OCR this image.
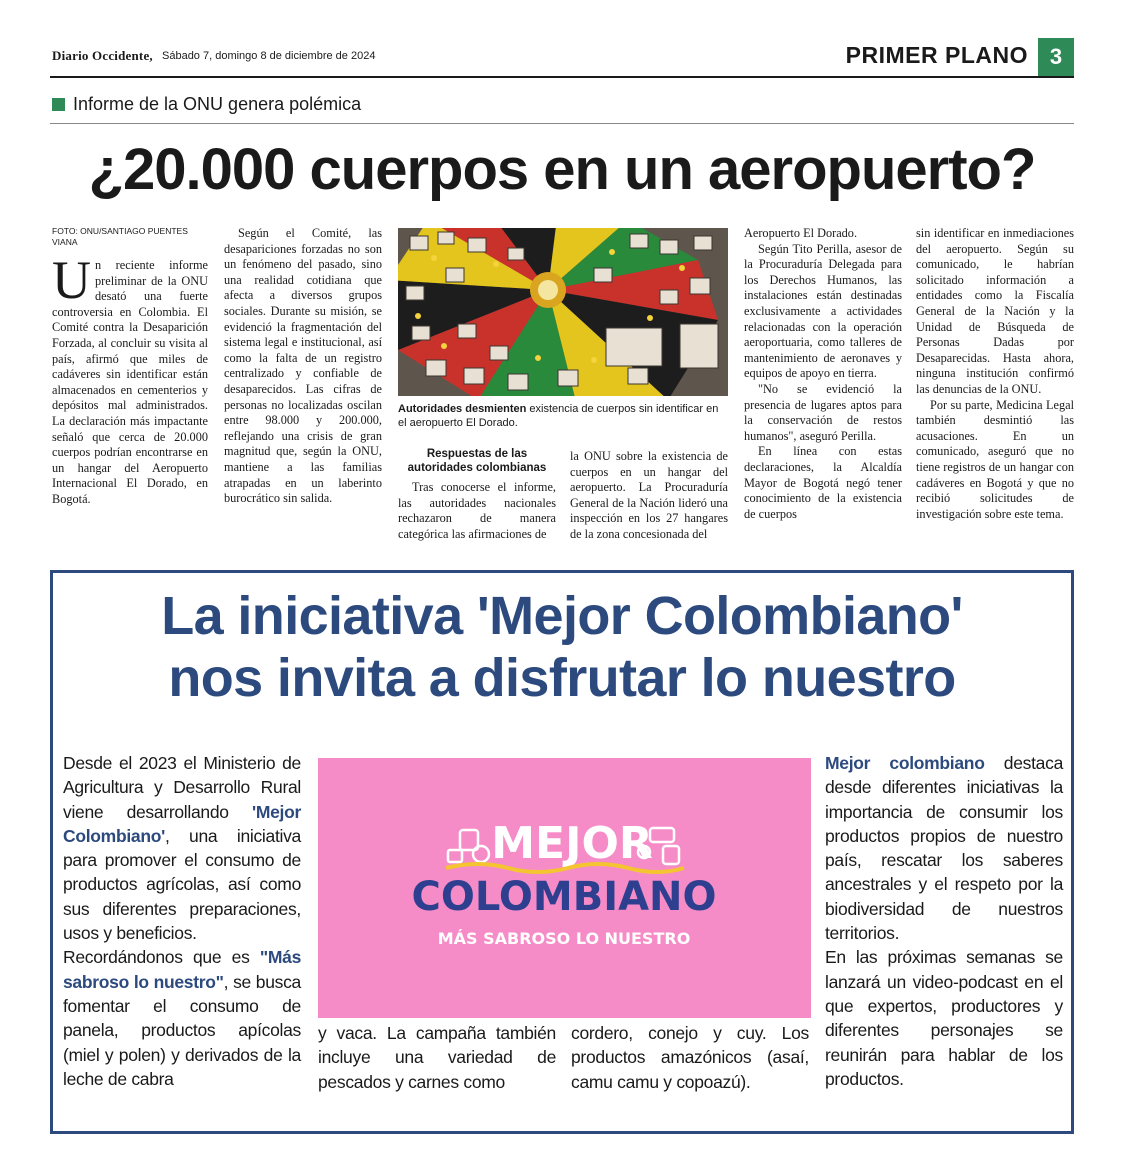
Diario Occidente, Sábado 7, domingo 8 de diciembre de 2024	PRIMER PLANO 3
Informe de la ONU genera polémica
¿20.000 cuerpos en un aeropuerto?
FOTO: ONU/SANTIAGO PUENTES VIANA

Un reciente informe preliminar de la ONU desató una fuerte controversia en Colombia. El Comité contra la Desaparición Forzada, al concluir su visita al país, afirmó que miles de cadáveres sin identificar están almacenados en cementerios y depósitos mal administrados. La declaración más impactante señaló que cerca de 20.000 cuerpos podrían encontrarse en un hangar del Aeropuerto Internacional El Dorado, en Bogotá.

Según el Comité, las desapariciones forzadas no son un fenómeno del pasado, sino una realidad cotidiana que afecta a diversos grupos sociales. Durante su misión, se evidenció la fragmentación del sistema legal e institucional, así como la falta de un registro centralizado y confiable de desaparecidos. Las cifras de personas no localizadas oscilan entre 98.000 y 200.000, reflejando una crisis de gran magnitud que, según la ONU, mantiene a las familias atrapadas en un laberinto burocrático sin salida.

Autoridades desmienten existencia de cuerpos sin identificar en el aeropuerto El Dorado.
Respuestas de las autoridades colombianas

Tras conocerse el informe, las autoridades nacionales rechazaron de manera categórica las afirmaciones de

la ONU sobre la existencia de cuerpos en un hangar del aeropuerto. La Procuraduría General de la Nación lideró una inspección en los 27 hangares de la zona concesionada del

Aeropuerto El Dorado.

Según Tito Perilla, asesor de la Procuraduría Delegada para los Derechos Humanos, las instalaciones están destinadas exclusivamente a actividades relacionadas con la operación aeroportuaria, como talleres de mantenimiento de aeronaves y equipos de apoyo en tierra.

"No se evidenció la presencia de lugares aptos para la conservación de restos humanos", aseguró Perilla.

En línea con estas declaraciones, la Alcaldía Mayor de Bogotá negó tener conocimiento de la existencia de cuerpos

sin identificar en inmediaciones del aeropuerto. Según su comunicado, le habrían solicitado información a entidades como la Fiscalía General de la Nación y la Unidad de Búsqueda de Personas Dadas por Desaparecidas. Hasta ahora, ninguna institución confirmó las denuncias de la ONU.

Por su parte, Medicina Legal también desmintió las acusaciones. En un comunicado, aseguró que no tiene registros de un hangar con cadáveres en Bogotá y que no recibió solicitudes de investigación sobre este tema.

La iniciativa 'Mejor Colombiano'
nos invita a disfrutar lo nuestro
Desde el 2023 el Ministerio de Agricultura y Desarrollo Rural viene desarrollando 'Mejor Colombiano', una iniciativa para promover el consumo de productos agrícolas, así como sus diferentes preparaciones, usos y beneficios.
Recordándonos que es "Más sabroso lo nuestro", se busca fomentar el consumo de panela, productos apícolas (miel y polen) y derivados de la leche de cabra
MEJOR
COLOMBIANO
MÁS SABROSO LO NUESTRO
y vaca. La campaña también incluye una variedad de pescados y carnes como
cordero, conejo y cuy. Los productos amazónicos (asaí, camu camu y copoazú).
Mejor colombiano destaca desde diferentes iniciativas la importancia de consumir los productos propios de nuestro país, rescatar los saberes ancestrales y el respeto por la biodiversidad de nuestros territorios.
En las próximas semanas se lanzará un video-podcast en el que expertos, productores y diferentes personajes se reunirán para hablar de los productos.
